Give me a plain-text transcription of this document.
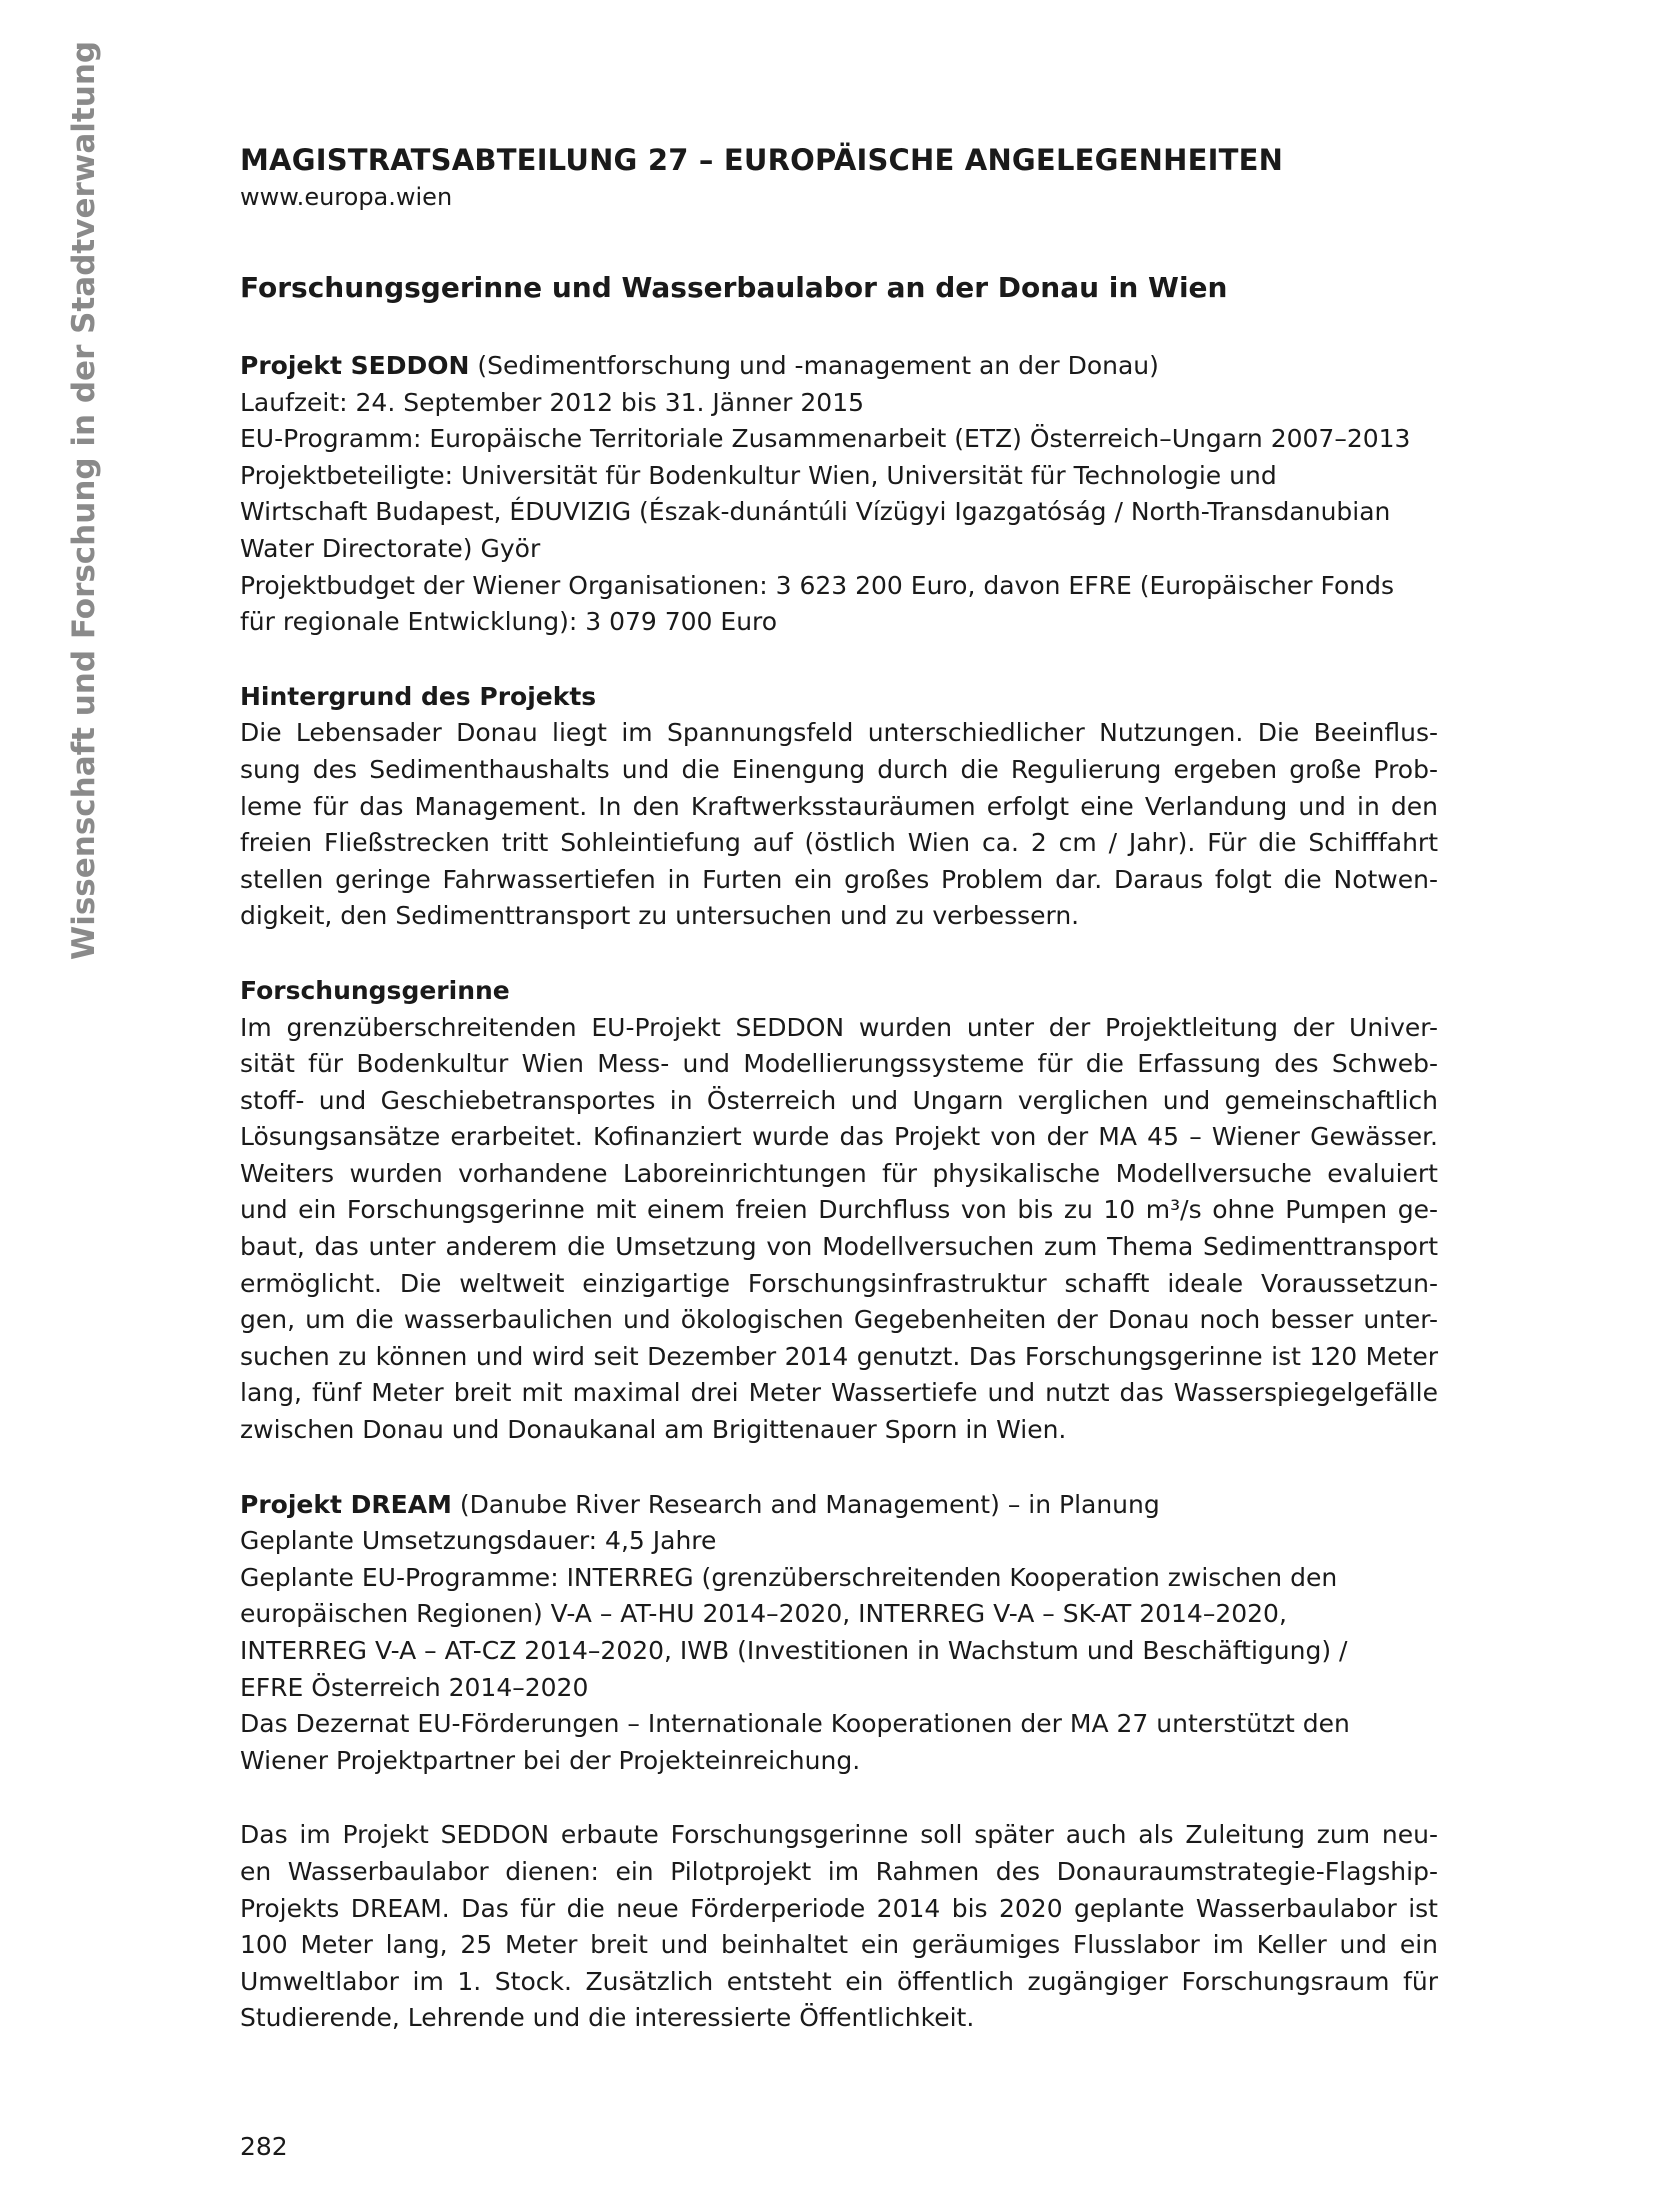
Wissenschaft und Forschung in der Stadtverwaltung	MAGISTRATSABTEILUNG 27 – EUROPÄISCHE ANGELEGENHEITEN

www.europa.wien

Forschungsgerinne und Wasserbaulabor an der Donau in Wien
Projekt SEDDON (Sedimentforschung und -management an der Donau)
Laufzeit: 24. September 2012 bis 31. Jänner 2015
EU-Programm: Europäische Territoriale Zusammenarbeit (ETZ) Österreich–Ungarn 2007–2013
Projektbeteiligte: Universität für Bodenkultur Wien, Universität für Technologie und
Wirtschaft Budapest, ÉDUVIZIG (Észak-dunántúli Vízügyi Igazgatóság / North-Transdanubian
Water Directorate) Györ
Projektbudget der Wiener Organisationen: 3 623 200 Euro, davon EFRE (Europäischer Fonds
für regionale Entwicklung): 3 079 700 Euro
Hintergrund des Projekts
Die Lebensader Donau liegt im Spannungsfeld unterschiedlicher Nutzungen. Die Beeinflus-
sung des Sedimenthaushalts und die Einengung durch die Regulierung ergeben große Prob-
leme für das Management. In den Kraftwerksstauräumen erfolgt eine Verlandung und in den
freien Fließstrecken tritt Sohleintiefung auf (östlich Wien ca. 2 cm / Jahr). Für die Schifffahrt
stellen geringe Fahrwassertiefen in Furten ein großes Problem dar. Daraus folgt die Notwen-
digkeit, den Sedimenttransport zu untersuchen und zu verbessern.
Forschungsgerinne
Im grenzüberschreitenden EU-Projekt SEDDON wurden unter der Projektleitung der Univer-
sität für Bodenkultur Wien Mess- und Modellierungssysteme für die Erfassung des Schweb-
stoff- und Geschiebetransportes in Österreich und Ungarn verglichen und gemeinschaftlich
Lösungsansätze erarbeitet. Kofinanziert wurde das Projekt von der MA 45 – Wiener Gewässer.
Weiters wurden vorhandene Laboreinrichtungen für physikalische Modellversuche evaluiert
und ein Forschungsgerinne mit einem freien Durchfluss von bis zu 10 m³/s ohne Pumpen ge-
baut, das unter anderem die Umsetzung von Modellversuchen zum Thema Sedimenttransport
ermöglicht. Die weltweit einzigartige Forschungsinfrastruktur schafft ideale Voraussetzun-
gen, um die wasserbaulichen und ökologischen Gegebenheiten der Donau noch besser unter-
suchen zu können und wird seit Dezember 2014 genutzt. Das Forschungsgerinne ist 120 Meter
lang, fünf Meter breit mit maximal drei Meter Wassertiefe und nutzt das Wasserspiegelgefälle
zwischen Donau und Donaukanal am Brigittenauer Sporn in Wien.
Projekt DREAM (Danube River Research and Management) – in Planung
Geplante Umsetzungsdauer: 4,5 Jahre
Geplante EU-Programme: INTERREG (grenzüberschreitenden Kooperation zwischen den
europäischen Regionen) V-A – AT-HU 2014–2020, INTERREG V-A – SK-AT 2014–2020,
INTERREG V-A – AT-CZ 2014–2020, IWB (Investitionen in Wachstum und Beschäftigung) /
EFRE Österreich 2014–2020
Das Dezernat EU-Förderungen – Internationale Kooperationen der MA 27 unterstützt den
Wiener Projektpartner bei der Projekteinreichung.
Das im Projekt SEDDON erbaute Forschungsgerinne soll später auch als Zuleitung zum neu-
en Wasserbaulabor dienen: ein Pilotprojekt im Rahmen des Donauraumstrategie-Flagship-
Projekts DREAM. Das für die neue Förderperiode 2014 bis 2020 geplante Wasserbaulabor ist
100 Meter lang, 25 Meter breit und beinhaltet ein geräumiges Flusslabor im Keller und ein
Umweltlabor im 1. Stock. Zusätzlich entsteht ein öffentlich zugängiger Forschungsraum für
Studierende, Lehrende und die interessierte Öffentlichkeit.
282
